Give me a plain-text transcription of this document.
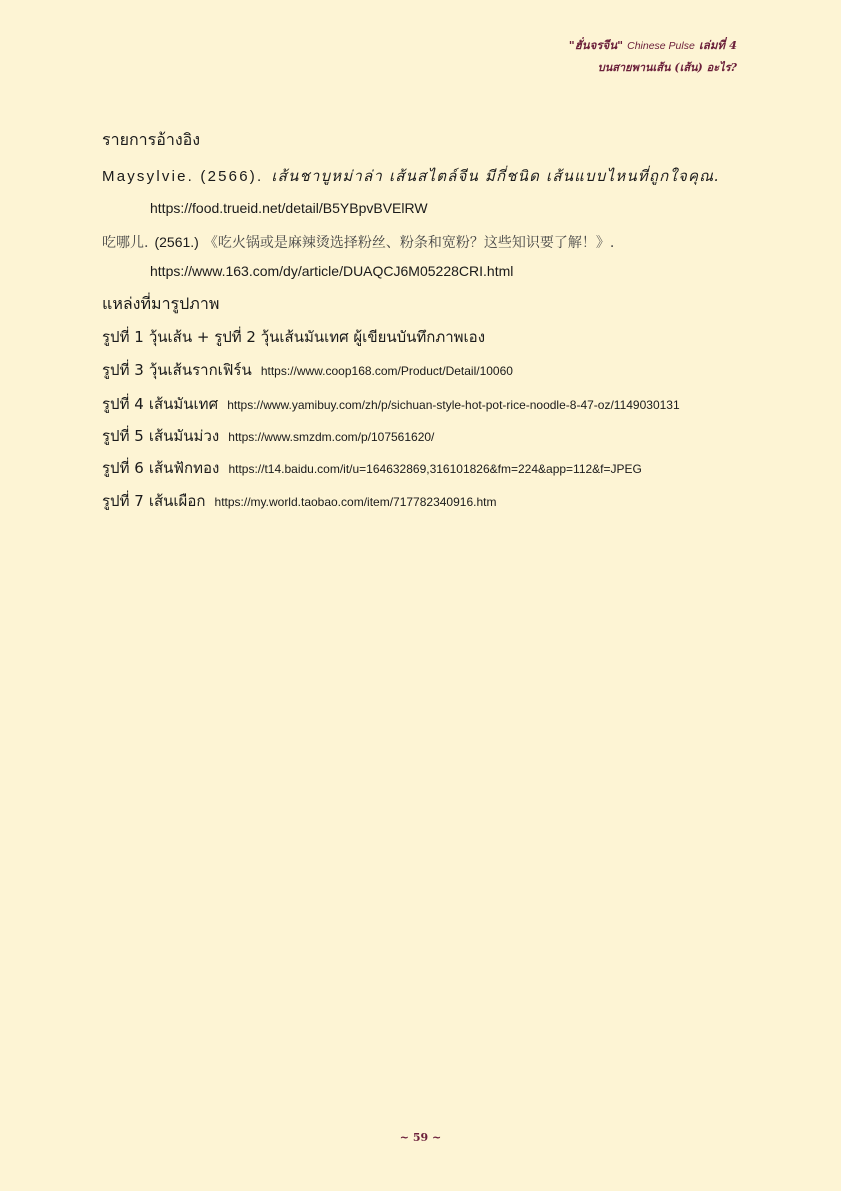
"ฮั่นจรจีน" Chinese Pulse เล่มที่ 4
บนสายพานเส้น (เส้น) อะไร?
รายการอ้างอิง
Maysylvie. (2566). เส้นชาบูหม่าล่า เส้นสไตล์จีน มีกี่ชนิด เส้นแบบไหนที่ถูกใจคุณ.
https://food.trueid.net/detail/B5YBpvBVElRW
吃哪儿. (2561.) 《吃火锅或是麻辣烫选择粉丝、粉条和宽粉？这些知识要了解！》.
https://www.163.com/dy/article/DUAQCJ6M05228CRI.html
แหล่งที่มารูปภาพ
รูปที่ 1 วุ้นเส้น + รูปที่ 2 วุ้นเส้นมันเทศ ผู้เขียนบันทึกภาพเอง
รูปที่ 3 วุ้นเส้นรากเฟิร์น https://www.coop168.com/Product/Detail/10060
รูปที่ 4 เส้นมันเทศ https://www.yamibuy.com/zh/p/sichuan-style-hot-pot-rice-noodle-8-47-oz/1149030131
รูปที่ 5 เส้นมันม่วง https://www.smzdm.com/p/107561620/
รูปที่ 6 เส้นฟักทอง https://t14.baidu.com/it/u=164632869,316101826&fm=224&app=112&f=JPEG
รูปที่ 7 เส้นเผือก https://my.world.taobao.com/item/717782340916.htm
~ 59 ~
